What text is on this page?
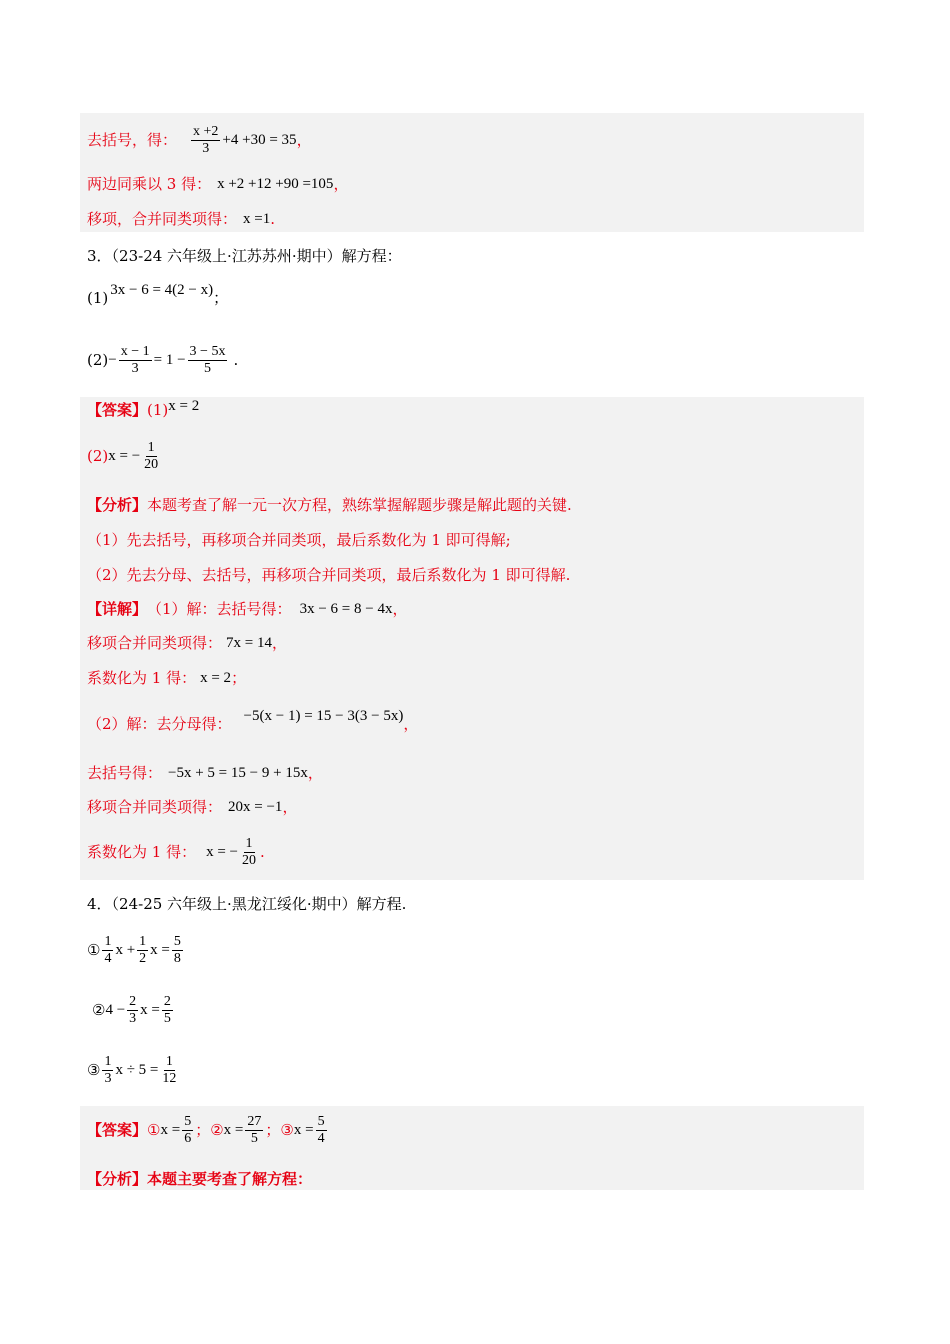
去括号，得： $\frac{x +2}{3} +4 +30 = 35$ ，
两边同乘以 3 得： x +2 +12 +90 =105 ，
移项，合并同类项得： x =1 .
3．（23-24 六年级上·江苏苏州·期中）解方程：
(1) 3x − 6 = 4(2 − x) ；
$(2) - \frac{x - 1}{3} = 1 - \frac{3 - 5x}{5}$ .
【答案】 (1) x = 2
(2) x = − $\frac{1}{20}$
【分析】 本题考查了解一元一次方程，熟练掌握解题步骤是解此题的关键.
（1）先去括号，再移项合并同类项，最后系数化为 1 即可得解;
（2）先去分母、去括号，再移项合并同类项，最后系数化为 1 即可得解.
【详解】 （1）解：去括号得： 3x − 6 = 8 − 4x ，
移项合并同类项得： 7x = 14 ，
系数化为 1 得： x = 2 ；
（2）解：去分母得： −5(x − 1) = 15 − 3(3 − 5x) ，
去括号得： −5x + 5 = 15 − 9 + 15x ，
移项合并同类项得： 20x = −1 ，
系数化为 1 得： x = − $\frac{1}{20}$ .
4．（24-25 六年级上·黑龙江绥化·期中）解方程.
① $\frac{1}{4}$ $x + \frac{1}{2}$ $x = \frac{5}{8}$
② $4 - \frac{2}{3}$ $x = \frac{2}{5}$
③ $\frac{1}{3}$ $x \div 5 = \frac{1}{12}$
【答案】 ① $x = \frac{5}{6}$ ； ② $x = \frac{27}{5}$ ； ③ $x = \frac{5}{4}$
【分析】 本题主要考查了解方程：
